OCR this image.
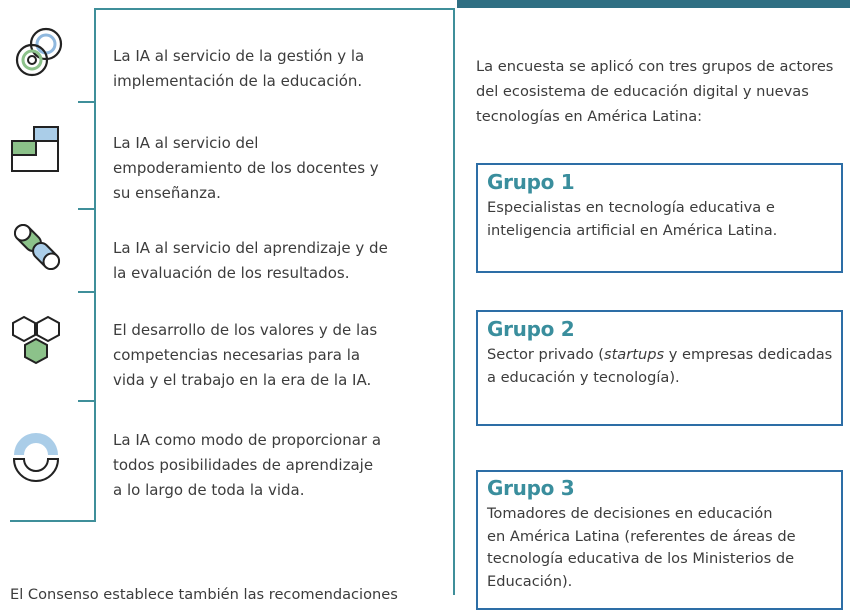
La IA al servicio de la gestión y la
implementación de la educación.
La IA al servicio del
empoderamiento de los docentes y
su enseñanza.
La IA al servicio del aprendizaje y de
la evaluación de los resultados.
El desarrollo de los valores y de las
competencias necesarias para la
vida y el trabajo en la era de la IA.
La IA como modo de proporcionar a
todos posibilidades de aprendizaje
a lo largo de toda la vida.
La encuesta se aplicó con tres grupos de actores
del ecosistema de educación digital y nuevas
tecnologías en América Latina:
Grupo 1
Especialistas en tecnología educativa e
inteligencia artificial en América Latina.
Grupo 2
Sector privado (startups y empresas dedicadas
a educación y tecnología).
Grupo 3
Tomadores de decisiones en educación
en América Latina (referentes de áreas de
tecnología educativa de los Ministerios de
Educación).
El Consenso establece también las recomendaciones
